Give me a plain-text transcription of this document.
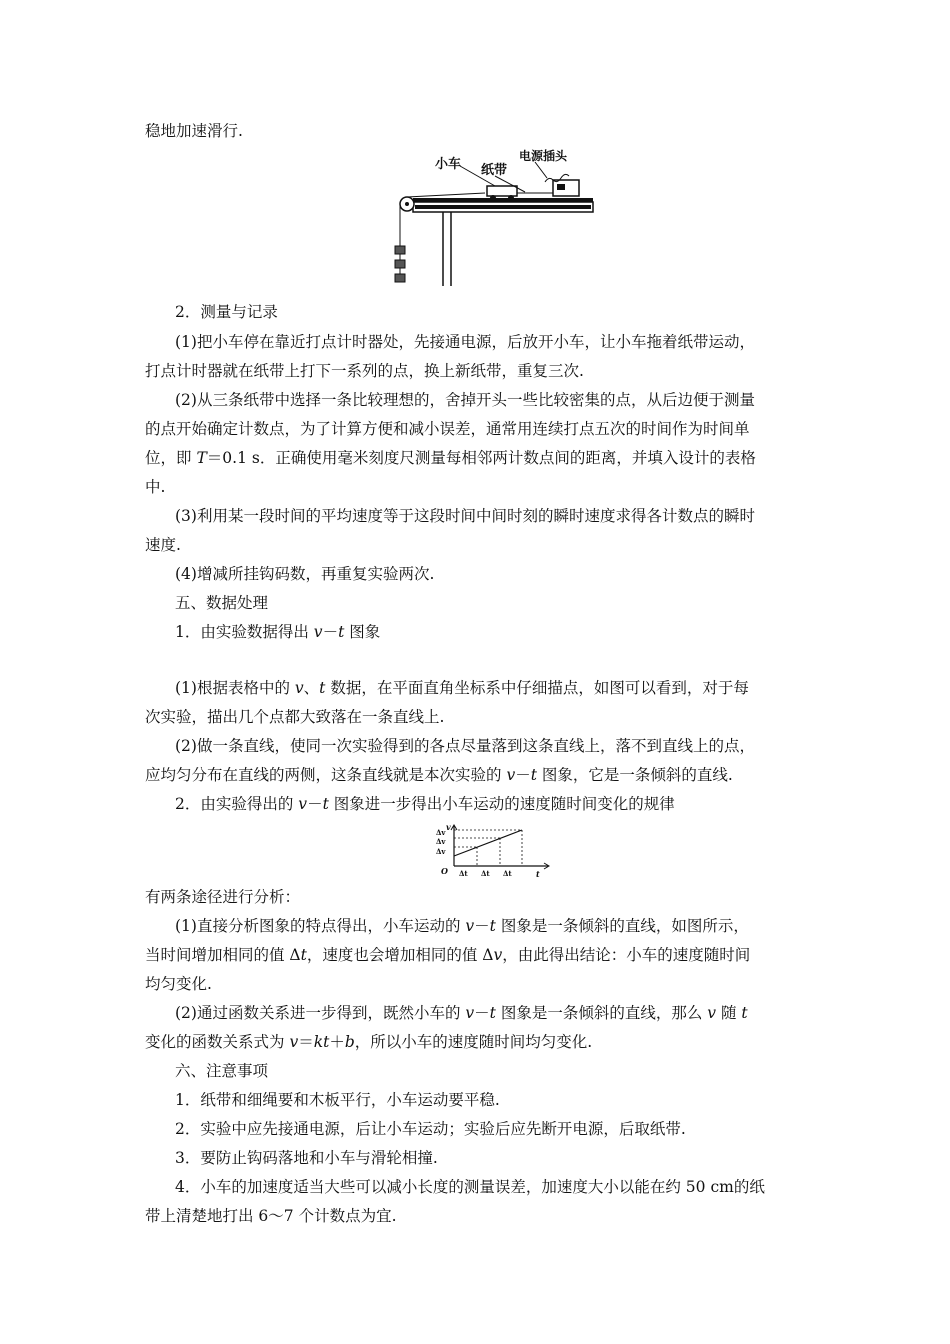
稳地加速滑行.
小车 纸带
电源插头
2．测量与记录
(1)把小车停在靠近打点计时器处，先接通电源，后放开小车，让小车拖着纸带运动，
打点计时器就在纸带上打下一系列的点，换上新纸带，重复三次.
(2)从三条纸带中选择一条比较理想的，舍掉开头一些比较密集的点，从后边便于测量
的点开始确定计数点，为了计算方便和减小误差，通常用连续打点五次的时间作为时间单
位，即 T＝0.1 s．正确使用毫米刻度尺测量每相邻两计数点间的距离，并填入设计的表格
中.
(3)利用某一段时间的平均速度等于这段时间中间时刻的瞬时速度求得各计数点的瞬时
速度.
(4)增减所挂钩码数，再重复实验两次.
五、数据处理
1．由实验数据得出 v－t 图象
(1)根据表格中的 v、t 数据，在平面直角坐标系中仔细描点，如图可以看到，对于每
次实验，描出几个点都大致落在一条直线上.
(2)做一条直线，使同一次实验得到的各点尽量落到这条直线上，落不到直线上的点，
应均匀分布在直线的两侧，这条直线就是本次实验的 v－t 图象，它是一条倾斜的直线.
2．由实验得出的 v－t 图象进一步得出小车运动的速度随时间变化的规律
v
t
O
Δv
Δv
Δv
Δt Δt Δt
有两条途径进行分析：
(1)直接分析图象的特点得出，小车运动的 v－t 图象是一条倾斜的直线，如图所示，
当时间增加相同的值 Δt，速度也会增加相同的值 Δv，由此得出结论：小车的速度随时间
均匀变化.
(2)通过函数关系进一步得到，既然小车的 v－t 图象是一条倾斜的直线，那么 v 随 t
变化的函数关系式为 v＝kt＋b，所以小车的速度随时间均匀变化.
六、注意事项
1．纸带和细绳要和木板平行，小车运动要平稳.
2．实验中应先接通电源，后让小车运动；实验后应先断开电源，后取纸带.
3．要防止钩码落地和小车与滑轮相撞.
4．小车的加速度适当大些可以减小长度的测量误差，加速度大小以能在约 50 cm的纸
带上清楚地打出 6～7 个计数点为宜.
